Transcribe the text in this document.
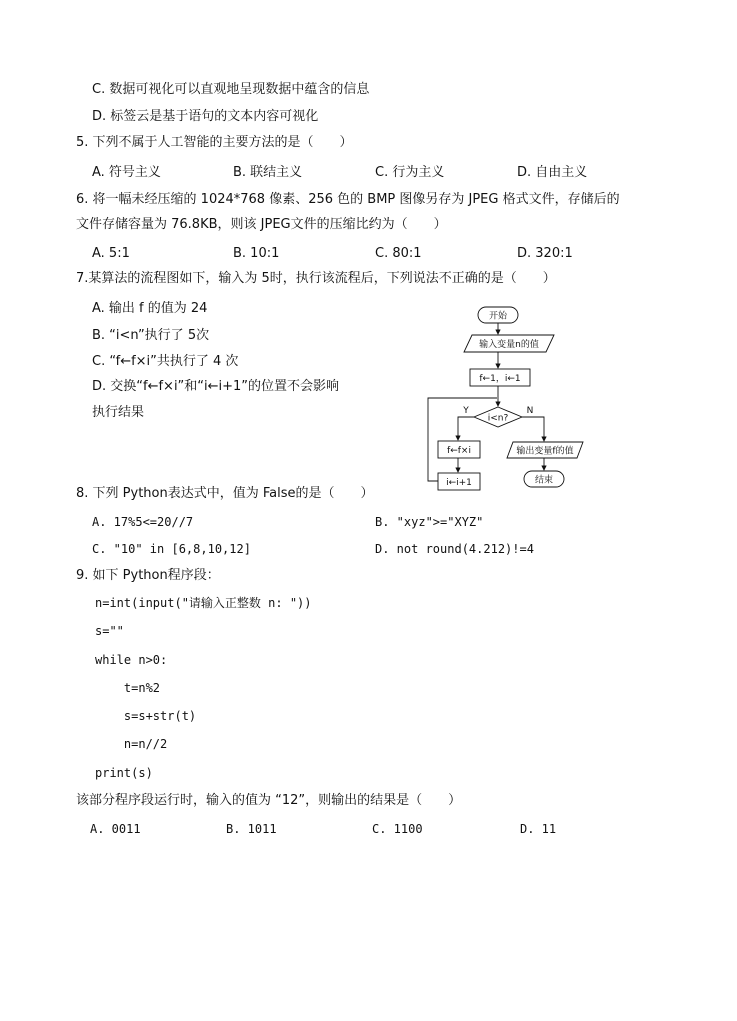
C. 数据可视化可以直观地呈现数据中蕴含的信息
D. 标签云是基于语句的文本内容可视化
5. 下列不属于人工智能的主要方法的是（　　）
A. 符号主义	B. 联结主义	C. 行为主义	D. 自由主义
6. 将一幅未经压缩的 1024*768 像素、256 色的 BMP 图像另存为 JPEG 格式文件，存储后的
文件存储容量为 76.8KB，则该 JPEG文件的压缩比约为（　　）
A. 5:1	B. 10:1	C. 80:1	D. 320:1
7.某算法的流程图如下，输入为 5时，执行该流程后，下列说法不正确的是（　　）
A. 输出 f 的值为 24
B. “i<n”执行了 5次
C. “f←f×i”共执行了 4 次
D. 交换“f←f×i”和“i←i+1”的位置不会影响
执行结果
开始
输入变量n的值
f←1，i←1
i<n?
Y	N
f←f×i
i←i+1
输出变量f的值
结束
8. 下列 Python表达式中，值为 False的是（　　）
A. 17%5<=20//7	B. "xyz">="XYZ"
C. "10" in [6,8,10,12]	D. not round(4.212)!=4
9. 如下 Python程序段：
n=int(input("请输入正整数 n: "))
s=""
while n>0:
t=n%2
s=s+str(t)
n=n//2
print(s)
该部分程序段运行时，输入的值为 “12”，则输出的结果是（　　）
A. 0011	B. 1011	C. 1100	D. 11
